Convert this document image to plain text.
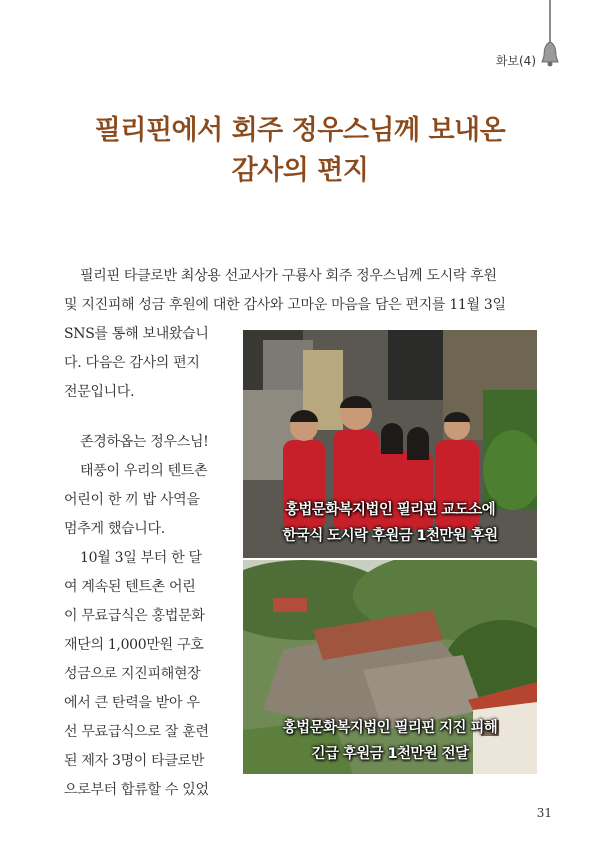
화보(4)
필리핀에서 회주 정우스님께 보내온
감사의 편지
필리핀 타클로반 최상용 선교사가 구룡사 회주 정우스님께 도시락 후원
및 지진피해 성금 후원에 대한 감사와 고마운 마음을 담은 편지를 11월 3일
SNS를 통해 보내왔습니
다. 다음은 감사의 편지
전문입니다.
존경하옵는 정우스님!
태풍이 우리의 텐트촌
어린이 한 끼 밥 사역을
멈추게 했습니다.
10월 3일 부터 한 달
여 계속된 텐트촌 어린
이 무료급식은 홍법문화
재단의 1,000만원 구호
성금으로 지진피해현장
에서 큰 탄력을 받아 우
선 무료급식으로 잘 훈련
된 제자 3명이 타클로반
으로부터 합류할 수 있었
홍법문화복지법인 필리핀 교도소에
한국식 도시락 후원금 1천만원 후원
홍법문화복지법인 필리핀 지진 피해
긴급 후원금 1천만원 전달
31
